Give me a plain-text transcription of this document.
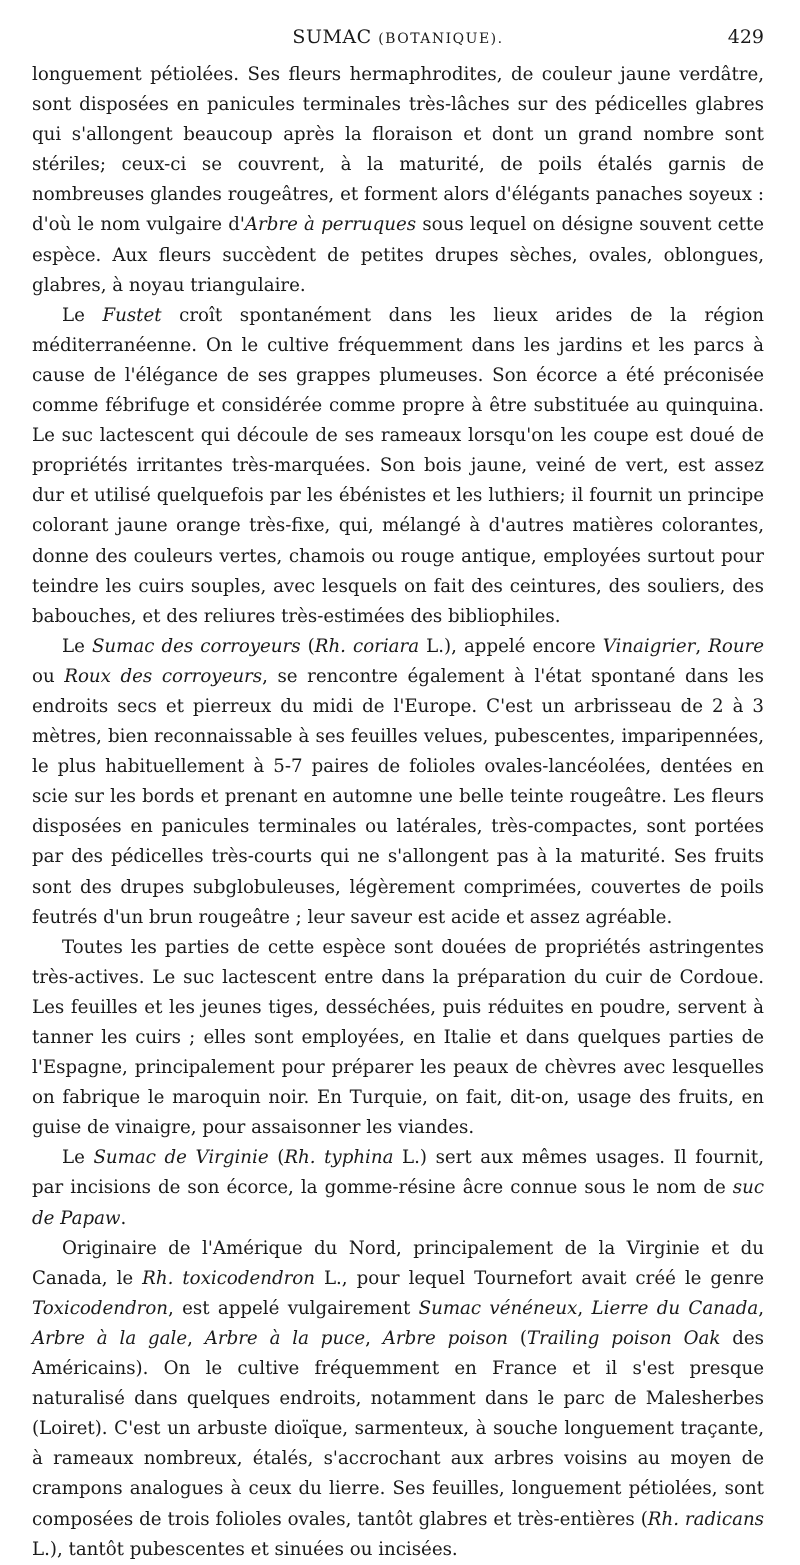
SUMAC (BOTANIQUE).	429

longuement pétiolées. Ses fleurs hermaphrodites, de couleur jaune verdâtre, sont disposées en panicules terminales très-lâches sur des pédicelles glabres qui s'allongent beaucoup après la floraison et dont un grand nombre sont stériles; ceux-ci se couvrent, à la maturité, de poils étalés garnis de nombreuses glandes rougeâtres, et forment alors d'élégants panaches soyeux : d'où le nom vulgaire d'Arbre à perruques sous lequel on désigne souvent cette espèce. Aux fleurs succèdent de petites drupes sèches, ovales, oblongues, glabres, à noyau triangulaire.

Le Fustet croît spontanément dans les lieux arides de la région méditerranéenne. On le cultive fréquemment dans les jardins et les parcs à cause de l'élégance de ses grappes plumeuses. Son écorce a été préconisée comme fébrifuge et considérée comme propre à être substituée au quinquina. Le suc lactescent qui découle de ses rameaux lorsqu'on les coupe est doué de propriétés irritantes très-marquées. Son bois jaune, veiné de vert, est assez dur et utilisé quelquefois par les ébénistes et les luthiers; il fournit un principe colorant jaune orange très-fixe, qui, mélangé à d'autres matières colorantes, donne des couleurs vertes, chamois ou rouge antique, employées surtout pour teindre les cuirs souples, avec lesquels on fait des ceintures, des souliers, des babouches, et des reliures très-estimées des bibliophiles.

Le Sumac des corroyeurs (Rh. coriara L.), appelé encore Vinaigrier, Roure ou Roux des corroyeurs, se rencontre également à l'état spontané dans les endroits secs et pierreux du midi de l'Europe. C'est un arbrisseau de 2 à 3 mètres, bien reconnaissable à ses feuilles velues, pubescentes, imparipennées, le plus habituellement à 5-7 paires de folioles ovales-lancéolées, dentées en scie sur les bords et prenant en automne une belle teinte rougeâtre. Les fleurs disposées en panicules terminales ou latérales, très-compactes, sont portées par des pédicelles très-courts qui ne s'allongent pas à la maturité. Ses fruits sont des drupes subglobuleuses, légèrement comprimées, couvertes de poils feutrés d'un brun rougeâtre ; leur saveur est acide et assez agréable.

Toutes les parties de cette espèce sont douées de propriétés astringentes très-actives. Le suc lactescent entre dans la préparation du cuir de Cordoue. Les feuilles et les jeunes tiges, desséchées, puis réduites en poudre, servent à tanner les cuirs ; elles sont employées, en Italie et dans quelques parties de l'Espagne, principalement pour préparer les peaux de chèvres avec lesquelles on fabrique le maroquin noir. En Turquie, on fait, dit-on, usage des fruits, en guise de vinaigre, pour assaisonner les viandes.

Le Sumac de Virginie (Rh. typhina L.) sert aux mêmes usages. Il fournit, par incisions de son écorce, la gomme-résine âcre connue sous le nom de suc de Papaw.

Originaire de l'Amérique du Nord, principalement de la Virginie et du Canada, le Rh. toxicodendron L., pour lequel Tournefort avait créé le genre Toxicodendron, est appelé vulgairement Sumac vénéneux, Lierre du Canada, Arbre à la gale, Arbre à la puce, Arbre poison (Trailing poison Oak des Américains). On le cultive fréquemment en France et il s'est presque naturalisé dans quelques endroits, notamment dans le parc de Malesherbes (Loiret). C'est un arbuste dioïque, sarmenteux, à souche longuement traçante, à rameaux nombreux, étalés, s'accrochant aux arbres voisins au moyen de crampons analogues à ceux du lierre. Ses feuilles, longuement pétiolées, sont composées de trois folioles ovales, tantôt glabres et très-entières (Rh. radicans L.), tantôt pubescentes et sinuées ou incisées.
